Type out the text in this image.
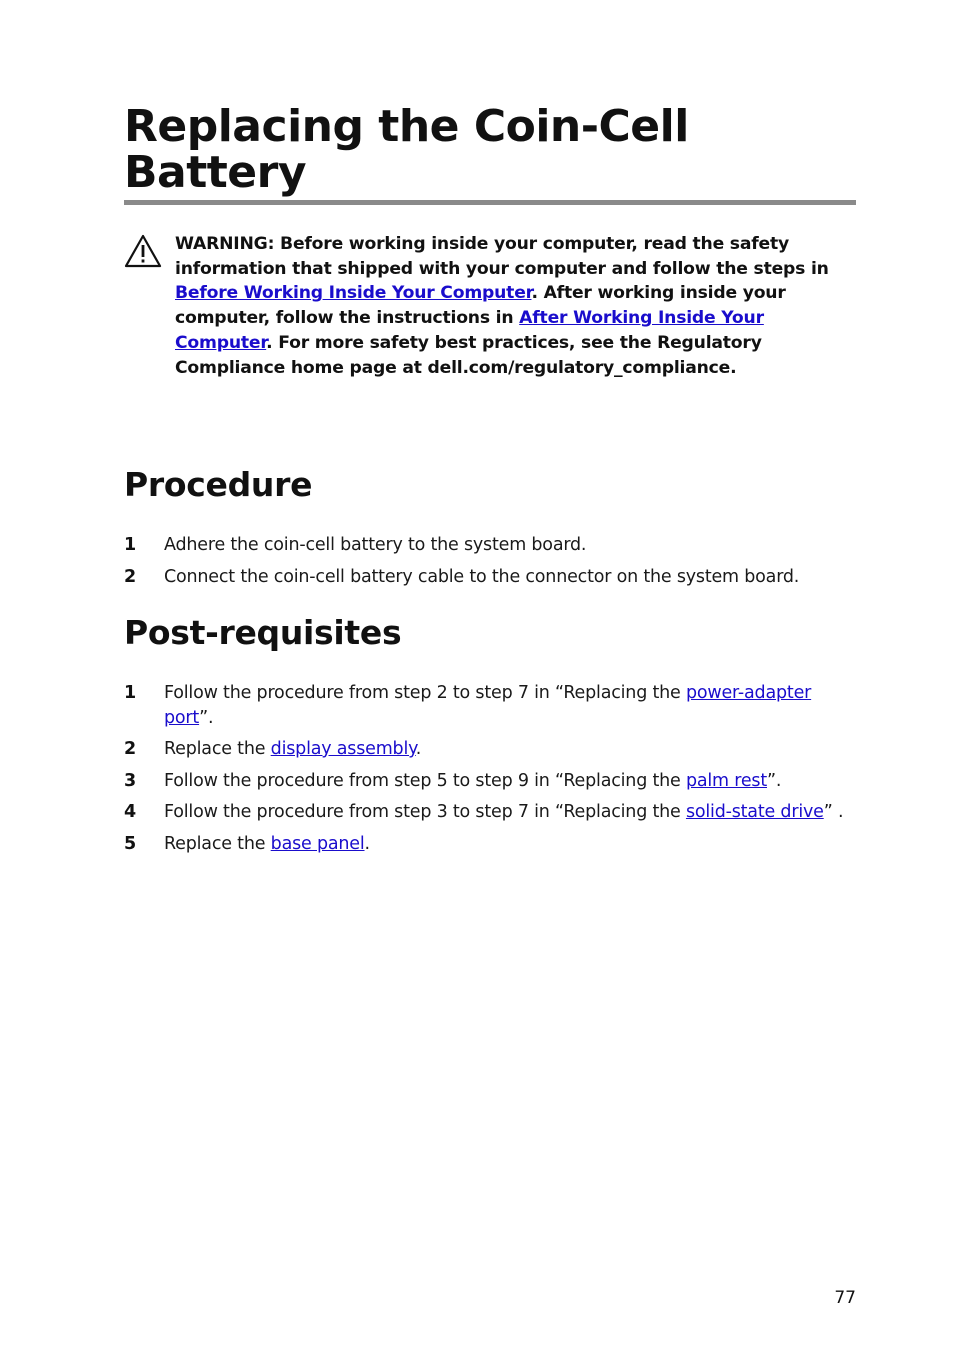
Replacing the Coin-Cell Battery
WARNING: Before working inside your computer, read the safety information that shipped with your computer and follow the steps in Before Working Inside Your Computer. After working inside your computer, follow the instructions in After Working Inside Your Computer. For more safety best practices, see the Regulatory Compliance home page at dell.com/regulatory_compliance.
Procedure
1 Adhere the coin-cell battery to the system board.
2 Connect the coin-cell battery cable to the connector on the system board.
Post-requisites
1 Follow the procedure from step 2 to step 7 in “Replacing the power-adapter port”.
2 Replace the display assembly.
3 Follow the procedure from step 5 to step 9 in “Replacing the palm rest”.
4 Follow the procedure from step 3 to step 7 in “Replacing the solid-state drive” .
5 Replace the base panel.
77
